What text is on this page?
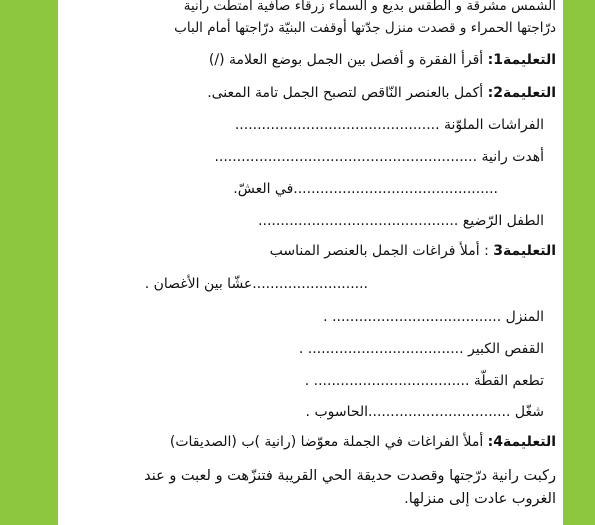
الشمس مشرقة و الطقس بديع و السماء زرقاء صافية امتطت رانية
درّاجتها الحمراء و قصدت منزل جدّتها أوقفت البنيّة درّاجتها أمام الباب
التعليمة1: أقرأ الفقرة و أفصل بين الجمل بوضع العلامة (/)
التعليمة2: أكمل بالعنصر النّاقص لتصبح الجمل تامة المعنى.
الفراشات الملوّنة ..............................................
أهدت رانية ...........................................................
..............................................في العشّ.
الطفل الرّضيع .............................................
التعليمة3 : أملأ فراغات الجمل بالعنصر المناسب
..........................عشّا بين الأغصان .
المنزل ...................................... .
القفص الكبير ................................... .
تطعم القطّة ................................... .
شغّل ................................الحاسوب .
التعليمة4: أملأ الفراغات في الجملة معوّضا (رانية )ب (الصديقات)
ركبت رانية درّجتها وقصدت حديقة الحي القريبة فتنزّهت و لعبت و عند
الغروب عادت إلى منزلها.
